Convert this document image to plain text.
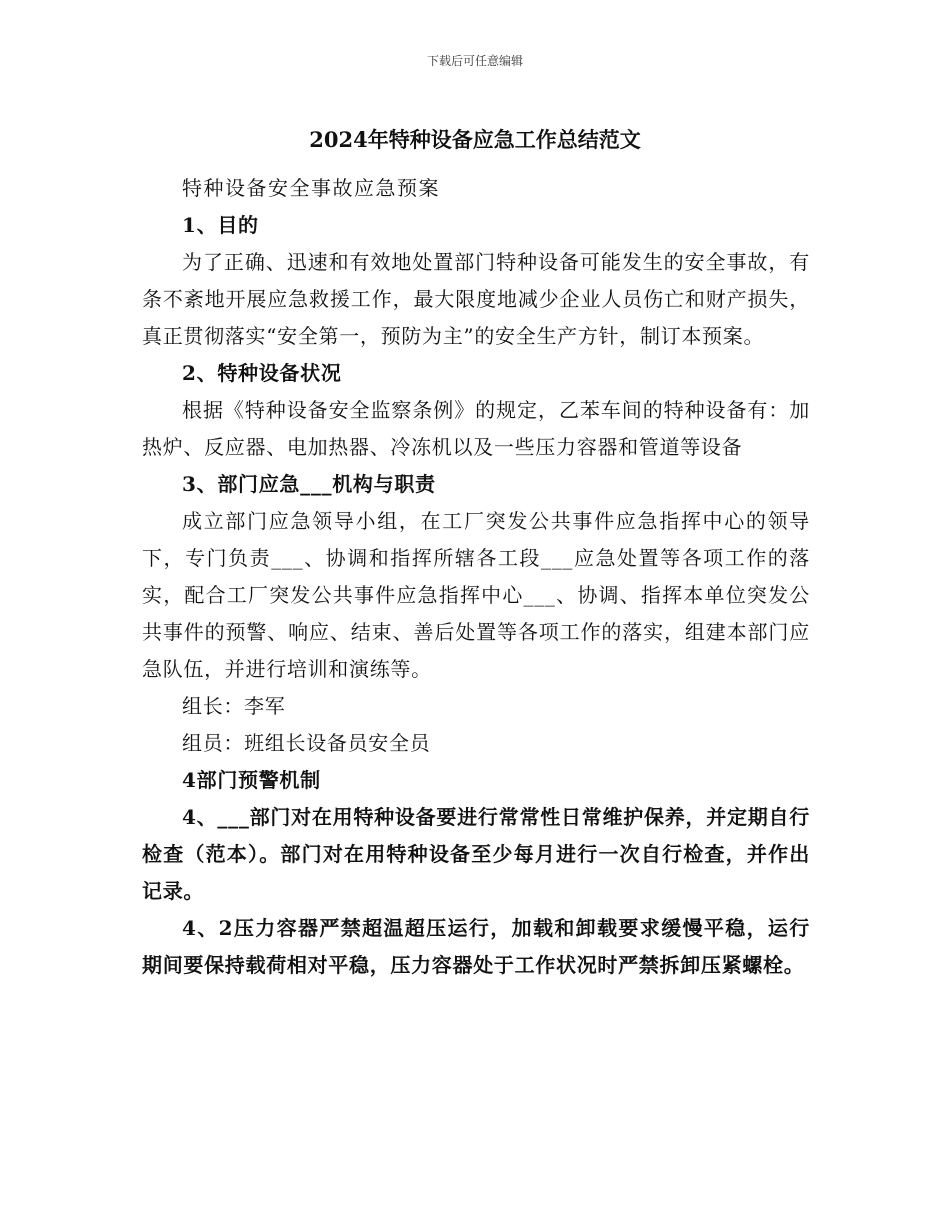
下载后可任意编辑
2024年特种设备应急工作总结范文

特种设备安全事故应急预案

1、目的

为了正确、迅速和有效地处置部门特种设备可能发生的安全事故，有条不紊地开展应急救援工作，最大限度地减少企业人员伤亡和财产损失，真正贯彻落实“安全第一，预防为主”的安全生产方针，制订本预案。

2、特种设备状况

根据《特种设备安全监察条例》的规定，乙苯车间的特种设备有：加热炉、反应器、电加热器、冷冻机以及一些压力容器和管道等设备

3、部门应急___机构与职责

成立部门应急领导小组，在工厂突发公共事件应急指挥中心的领导下，专门负责___、协调和指挥所辖各工段___应急处置等各项工作的落实，配合工厂突发公共事件应急指挥中心___、协调、指挥本单位突发公共事件的预警、响应、结束、善后处置等各项工作的落实，组建本部门应急队伍，并进行培训和演练等。

组长：李军

组员：班组长设备员安全员

4部门预警机制

4、___部门对在用特种设备要进行常常性日常维护保养，并定期自行检查（范本）。部门对在用特种设备至少每月进行一次自行检查，并作出记录。

4、2压力容器严禁超温超压运行，加载和卸载要求缓慢平稳，运行期间要保持载荷相对平稳，压力容器处于工作状况时严禁拆卸压紧螺栓。
